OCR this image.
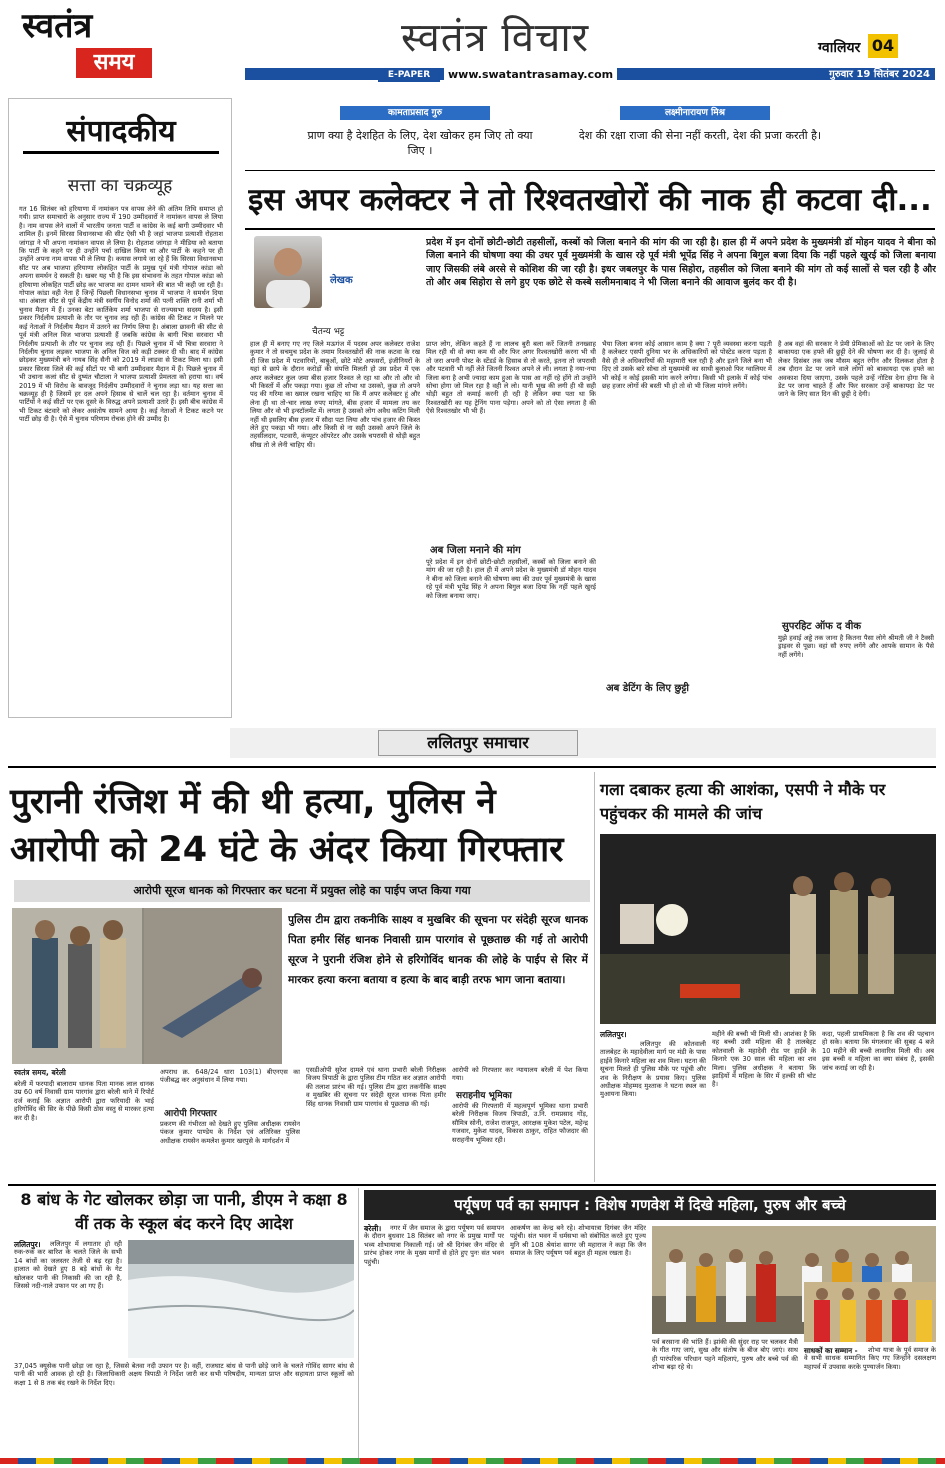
स्वतंत्र
समय
स्वतंत्र विचार
E-PAPER	www.swatantrasamay.com
ग्वालियर 04
गुरुवार 19 सितंबर 2024
संपादकीय
सत्ता का चक्रव्यूह
गत 16 सितंबर को हरियाणा में नामांकन पत्र वापस लेने की अंतिम तिथि समाप्त हो गयी। प्राप्त समाचारों के अनुसार राज्य में 190 उम्मीदवारों ने नामांकन वापस ले लिया है। नाम वापस लेने वालों में भारतीय जनता पार्टी व कांग्रेस के कई बागी उम्मीदवार भी शामिल हैं। इनमें सिरसा विधानसभा की सीट ऐसी भी है जहां भाजपा प्रत्याशी रोहताश जांगड़ा ने भी अपना नामांकन वापस ले लिया है। रोहताश जांगड़ा ने मीडिया को बताया कि पार्टी के कहने पर ही उन्होंने पर्चा दाखिल किया था और पार्टी के कहने पर ही उन्होंने अपना नाम वापस भी ले लिया है। कयास लगाये जा रहे हैं कि सिरसा विधानसभा सीट पर अब भाजपा हरियाणा लोकहित पार्टी के प्रमुख पूर्व मंत्री गोपाल कांडा को अपना समर्थन दे सकती है। खबर यह भी है कि इस संभावना के तहत गोपाल कांडा को हरियाणा लोकहित पार्टी छोड़ कर भाजपा का दामन थामने की बात भी कही जा रही है। गोपाल कांडा वही नेता हैं जिन्हें पिछली विधानसभा चुनाव में भाजपा ने समर्थन दिया था। अंबाला सीट से पूर्व केंद्रीय मंत्री स्वर्गीय विनोद शर्मा की पत्नी शक्ति रानी शर्मा भी चुनाव मैदान में हैं। उनका बेटा कार्तिकेय शर्मा भाजपा से राज्यसभा सदस्य है। इसी प्रकार निर्दलीय प्रत्याशी के तौर पर चुनाव लड़ रही हैं। कांग्रेस की टिकट न मिलने पर कई नेताओं ने निर्दलीय मैदान में उतरने का निर्णय लिया है। अंबाला छावनी की सीट से पूर्व मंत्री अनिल विज भाजपा प्रत्याशी हैं जबकि कांग्रेस के बागी चित्रा सरवारा भी निर्दलीय प्रत्याशी के तौर पर चुनाव लड़ रही हैं। पिछले चुनाव में भी चित्रा सरवारा ने निर्दलीय चुनाव लड़कर भाजपा के अनिल विज को कड़ी टक्कर दी थी। बाद में कांग्रेस छोड़कर मुख्यमंत्री बने नायब सिंह सैनी को 2019 में लाडवा से टिकट मिला था। इसी प्रकार सिरसा जिले की कई सीटों पर भी बागी उम्मीदवार मैदान में हैं। पिछले चुनाव में भी उचाना कलां सीट से दुष्यंत चौटाला ने भाजपा प्रत्याशी प्रेमलता को हराया था। वर्ष 2019 में भी विरोध के बावजूद निर्दलीय उम्मीदवारों ने चुनाव लड़ा था। यह सत्ता का चक्रव्यूह ही है जिसमें हर दल अपने हिसाब से चालें चल रहा है। वर्तमान चुनाव में पार्टियों ने कई सीटों पर एक दूसरे के विरुद्ध अपने प्रत्याशी उतारे हैं। इसी बीच कांग्रेस में भी टिकट बंटवारे को लेकर असंतोष सामने आया है। कई नेताओं ने टिकट कटने पर पार्टी छोड़ दी है। ऐसे में चुनाव परिणाम रोचक होने की उम्मीद है।
कामताप्रसाद गुरु
प्राण क्या है देशहित के लिए, देश खोकर हम जिए तो क्या जिए ।
लक्ष्मीनारायण मिश्र
देश की रक्षा राजा की सेना नहीं करती, देश की प्रजा करती है।
इस अपर कलेक्टर ने तो रिश्वतखोरों की नाक ही कटवा दी...
लेखक
चैतन्य भट्ट
प्रदेश में इन दोनों छोटी-छोटी तहसीलों, कस्बों को जिला बनाने की मांग की जा रही है। हाल ही में अपने प्रदेश के मुख्यमंत्री डॉ मोहन यादव ने बीना को जिला बनाने की घोषणा क्या की उधर पूर्व मुख्यमंत्री के खास रहे पूर्व मंत्री भूपेंद्र सिंह ने अपना बिगुल बजा दिया कि नहीं पहले खुरई को जिला बनाया जाए जिसकी लंबे अरसे से कोशिश की जा रही है। इधर जबलपुर के पास सिहोरा, तहसील को जिला बनाने की मांग तो कई सालों से चल रही है और तो और अब सिहोरा से लगे हुए एक छोटे से कस्बे सलीमनाबाद ने भी जिला बनाने की आवाज बुलंद कर दी है।
हाल ही में बनाए गए नए जिले मऊगंज में पदस्थ अपर कलेक्टर राजेश कुमार ने तो सचमुच प्रदेश के तमाम रिश्वतखोरों की नाक कटवा के रख दी जिस प्रदेश में पटवारियों, बाबुओं, छोटे मोटे अफसरों, इंजीनियरों के यहां से छापे के दौरान करोड़ों की संपत्ति मिलती हो उस प्रदेश में एक अपर कलेक्टर कुल जमा बीस हजार रिश्वत ले रहा था और तो और वो भी किस्तों में और पकड़ा गया। कुछ तो शोभा था उसको, कुछ तो अपने पद की गरिमा का ख्याल रखना चाहिए था कि मैं अपर कलेक्टर हूं और लेना ही था तो-चार लाख रुपए मांगते, बीस हजार में मामला तय कर लिया और वो भी इन्स्टॉलमेंट में। लगता है उसको लोग अवैध कटिंग मिली नहीं थी इसलिए बीस हजार में सौदा पटा लिया और पांच हजार की किस्त लेते हुए पकड़ा भी गया। और किसी से ना सही उसको अपने जिले के तहसीलदार, पटवारी, कंप्यूटर ऑपरेटर और उसके चपरासी से थोड़ी बहुत सीख तो ले लेनी चाहिए थी।
प्राप्त लोग, लेकिन कहते हैं ना लालच बुरी बला करें जितनी तनख्वाह मिल रही थी वो क्या कम थी और फिर अगर रिश्वतखोरी करना भी थी तो जरा अपनी पोस्ट के स्टेंडर्ड के हिसाब से तो करते, इतना तो जपरासी और पटवारी भी नहीं लेते जितनी रिश्वत अपने ले ली। लगता है नया-नया जिला बना है अभी ज्यादा काम हुआ के पास आ नहीं रहे होंगे तो उन्होंने सोचा होगा जो मिल रहा है वही ले लो। यानी भूख की लगी ही थी सही थोड़ी बहुत तो कमाई करनी ही रही है लेकिन क्या पता था कि रिश्वतखोरी का यह ट्रेनिंग पाना पड़ेगा। अपने को तो ऐसा लगता है की ऐसे रिश्वतखोर भी भी हैं।
अब जिला मनाने की मांग
पूरे प्रदेश में इन दोनों छोटी-छोटी तहसीलों, कस्बों को जिला बनाने की मांग की जा रही है। हाल ही में अपने प्रदेश के मुख्यमंत्री डॉ मोहन यादव ने बीना को जिला बनाने की घोषणा क्या की उधर पूर्व मुख्यमंत्री के खास रहे पूर्व मंत्री भूपेंद्र सिंह ने अपना बिगुल बजा दिया कि नहीं पहले खुरई को जिला बनाया जाए।
भैया जिला बनना कोई आसान काम है क्या ? पूरी व्यवस्था करना पड़ती है कलेक्टर एसपी दुनिया भर के अधिकारियों को पोस्टेड करना पड़ता है वैसे ही ले अधिकारियों की महामारी चल रही है और इतने जिले बना भी दिए तो उसके बारे सोचा तो मुख्यमंत्री का साथी बुलाओ फिर ग्वालियर में भी कोई न कोई इसकी मांग करने लगेगा। किसी भी इलाके में कोई पांच छह हजार लोगों की बस्ती भी हो तो वो भी जिला मांगने लगेंगे।
अब डेटिंग के लिए छुट्टी
है अब वहां की सरकार ने प्रेमी प्रेमिकाओं को डेट पर जाने के लिए बाकायदा एक हफ्ते की छुट्टी देने की घोषणा कर दी है। जुलाई से लेकर दिसंबर तक जब मौसम बहुत रंगीन और दिलकश होता है तब दौरान डेट पर जाने वाले लोगों को बाकायदा एक हफ्ते का अवकाश दिया जाएगा, उसके पहले उन्हें नोटिस देना होगा कि वे डेट पर जाना चाहते हैं और फिर सरकार उन्हें बाकायदा डेट पर जाने के लिए सात दिन की छुट्टी दे देगी।
सुपरहिट ऑफ द वीक
मुझे हवाई अड्डे तक जाना है कितना पैसा लोगे श्रीमती जी ने टैक्सी ड्राइवर से पूछा। वहां सौ रुपए लगेंगे और आपके सामान के पैसे नहीं लगेंगे।
ललितपुर समाचार
पुरानी रंजिश में की थी हत्या, पुलिस ने आरोपी को 24 घंटे के अंदर किया गिरफ्तार
आरोपी सूरज धानक को गिरफ्तार कर घटना में प्रयुक्त लोहे का पाईप जप्त किया गया
पुलिस टीम द्वारा तकनीकि साक्ष्य व मुखबिर की सूचना पर संदेही सूरज धानक पिता हमीर सिंह धानक निवासी ग्राम पारगांव से पूछताछ की गई तो आरोपी सूरज ने पुरानी रंजिश होने से हरिगोविंद धानक की लोहे के पाईप से सिर में मारकर हत्या करना बताया व हत्या के बाद बाड़ी तरफ भाग जाना बताया।
स्वतंत्र समय, बरेली
बरेली में फरयादी बालाराम धानक पिता मानक लाल धानक उम्र 60 वर्ष निवासी ग्राम पारगांव द्वारा बरेली थाने में रिपोर्ट दर्ज कराई कि अज्ञात आरोपी द्वारा फरियादी के भाई हरिगोविंद की सिर के पीछे किसी ठोस वस्तु से मारकर हत्या कर दी है।
अपराध क्र. 648/24 धारा 103(1) बीएनएस का पंजीबद्ध कर अनुसंधान में लिया गया।
आरोपी गिरफ्तार
प्रकरण की गंभीरता को देखते हुए पुलिस अधीक्षक रायसेन पंकज कुमार पाण्डेय के निर्देश एवं अतिरिक्त पुलिस अधीक्षक रायसेन कमलेश कुमार खरपुसे के मार्गदर्शन में
एसडीओपी सुरेश दामले एवं थाना प्रभारी बरेली निरीक्षक विजय त्रिपाठी के द्वारा पुलिस टीम गठित कर अज्ञात आरोपी की तलाश प्रारंभ की गई। पुलिस टीम द्वारा तकनीकि साक्ष्य व मुखबिर की सूचना पर संदेही सूरज धानक पिता हमीर सिंह धानक निवासी ग्राम पारगांव से पूछताछ की गई।
आरोपी को गिरफ्तार कर न्यायालय बरेली में पेश किया गया।
सराहनीय भूमिका
आरोपी की गिरफ्तारी में महत्वपूर्ण भूमिका थाना प्रभारी बरेली निरीक्षक विजय त्रिपाठी, उ.नि. रामप्रसाद गोंड़, सौमित्र सोनी, राजेश राजपूत, आरक्षक मुकेश पटेल, महेन्द्र गजवार, मुकेश यादव, विकास ठाकुर, राहित फौजदार की सराहनीय भूमिका रही।
गला दबाकर हत्या की आशंका, एसपी ने मौके पर पहुंचकर की मामले की जांच
ललितपुर।
ललितपुर की कोतवाली तालबेहट के महादेवीला मार्ग पर मंडी के पास हाईवे किनारे महिला का शव मिला। घटना की सूचना मिलते ही पुलिस मौके पर पहुंची और शव के निरीक्षण के प्रयास किए। पुलिस अधीक्षक मोहम्मद मुश्ताक ने घटना स्थल का मुआयना किया।
महीने की बच्ची भी मिली थी। आशंका है कि वह बच्ची उसी महिला की है तालबेहट कोतवाली के महादेवी रोड पर हाईवे के किनारे एक 30 साल की महिला का शव मिला। पुलिस अधीक्षक ने बताया कि झाड़ियों में महिला के सिर में हल्की सी चोट है।
कदा, पहली प्राथमिकता है कि शव की पहचान हो सके। बताया कि मंगलवार की सुबह 4 बजे 10 महीने की बच्ची लावारिस मिली थी। अब इस बच्ची व महिला का क्या संबंध है, इसकी जांच कराई जा रही है।
8 बांध के गेट खोलकर छोड़ा जा पानी, डीएम ने कक्षा 8 वीं तक के स्कूल बंद करने दिए आदेश
ललितपुर।	ललितपुर में लगातार हो रही रुक-रुक कर बारिश के चलते जिले के सभी 14 बांधों का जलस्तर तेजी से बढ़ रहा है। हालात को देखते हुए 8 बड़े बांधों के गेट खोलकर पानी की निकासी की जा रही है, जिससे नदी-नाले उफान पर आ गए हैं।
37,045 क्यूसेक पानी छोड़ा जा रहा है, जिससे बेतवा नदी उफान पर है। वहीं, राजघाट बांध से पानी छोड़े जाने के चलते गोविंद सागर बांध से पानी की भारी आवक हो रही है। जिलाधिकारी अक्षय त्रिपाठी ने निर्देश जारी कर सभी परिषदीय, मान्यता प्राप्त और सहायता प्राप्त स्कूलों को कक्षा 1 से 8 तक बंद रखने के निर्देश दिए।
पर्यूषण पर्व का समापन : विशेष गणवेश में दिखे महिला, पुरुष और बच्चे
बरेली।	नगर में जैन समाज के द्वारा पर्यूषण पर्व समापन के दौरान बुधवार 18 सितंबर को नगर के प्रमुख मार्गों पर भव्य शोभायात्रा निकाली गई। जो श्री दिगंबर जैन मंदिर से प्रारंभ होकर नगर के मुख्य मार्गों से होते हुए पुनः संत भवन पहुंची।
आकर्षण का केन्द्र बने रहे। शोभायात्रा दिगंबर जैन मंदिर पहुंची। संत भवन में धर्मसभा को संबोधित करते हुए पूज्य मुनि श्री 108 श्रेयांश सागर जी महाराज ने कहा कि जैन समाज के लिए पर्यूषण पर्व बहुत ही महत्व रखता है।
पर्व बरसाना की भांति हैं। झांकी की सुंदर राह पर चलकर मैत्री के गीत गाए जाएं, सुख और संतोष के बीज बोए जाएं। साथ ही पारंपरिक परिधान पहने महिलाएं, पुरुष और बच्चे पर्व की शोभा बढ़ा रहे थे।
साधकों का सम्मान -	शोभा यात्रा के पूर्व समाज के वे सभी साधक सम्मानित किए गए जिन्होंने दसलक्षण महापर्व में उपवास करके पुण्यार्जन किया।
